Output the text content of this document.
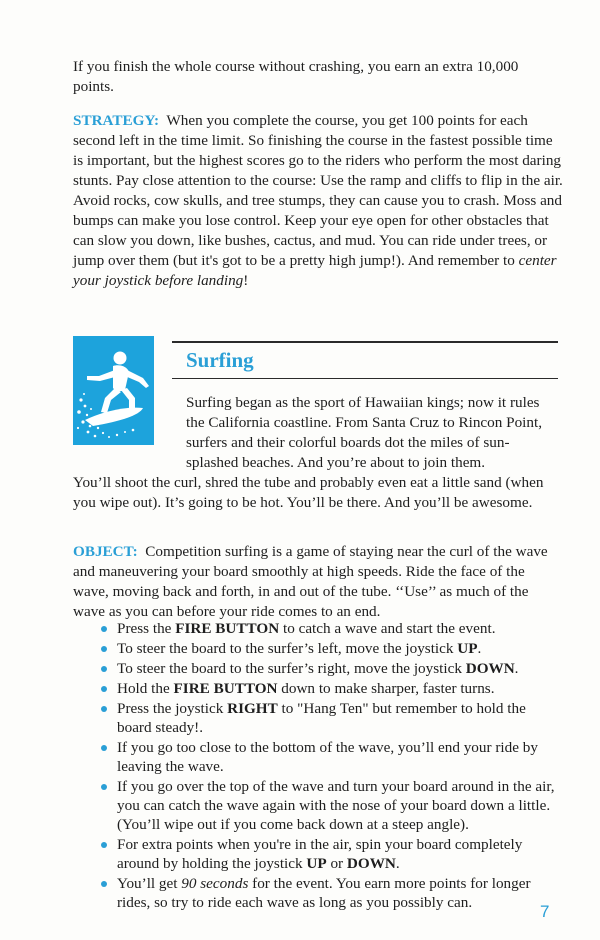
If you finish the whole course without crashing, you earn an extra 10,000 points.

STRATEGY: When you complete the course, you get 100 points for each second left in the time limit. So finishing the course in the fastest possible time is important, but the highest scores go to the riders who perform the most daring stunts. Pay close attention to the course: Use the ramp and cliffs to flip in the air. Avoid rocks, cow skulls, and tree stumps, they can cause you to crash. Moss and bumps can make you lose control. Keep your eye open for other obstacles that can slow you down, like bushes, cactus, and mud. You can ride under trees, or jump over them (but it's got to be a pretty high jump!). And remember to center your joystick before landing!

Surfing

Surfing began as the sport of Hawaiian kings; now it rules the California coastline. From Santa Cruz to Rincon Point, surfers and their colorful boards dot the miles of sun-splashed beaches. And you’re about to join them.

You’ll shoot the curl, shred the tube and probably even eat a little sand (when you wipe out). It’s going to be hot. You’ll be there. And you’ll be awesome.

OBJECT: Competition surfing is a game of staying near the curl of the wave and maneuvering your board smoothly at high speeds. Ride the face of the wave, moving back and forth, in and out of the tube. ‘‘Use’’ as much of the wave as you can before your ride comes to an end.

Press the FIRE BUTTON to catch a wave and start the event.
To steer the board to the surfer’s left, move the joystick UP.
To steer the board to the surfer’s right, move the joystick DOWN.
Hold the FIRE BUTTON down to make sharper, faster turns.
Press the joystick RIGHT to "Hang Ten" but remember to hold the board steady!.
If you go too close to the bottom of the wave, you’ll end your ride by leaving the wave.
If you go over the top of the wave and turn your board around in the air, you can catch the wave again with the nose of your board down a little. (You’ll wipe out if you come back down at a steep angle).
For extra points when you're in the air, spin your board completely around by holding the joystick UP or DOWN.
You’ll get 90 seconds for the event. You earn more points for longer rides, so try to ride each wave as long as you possibly can.	7
